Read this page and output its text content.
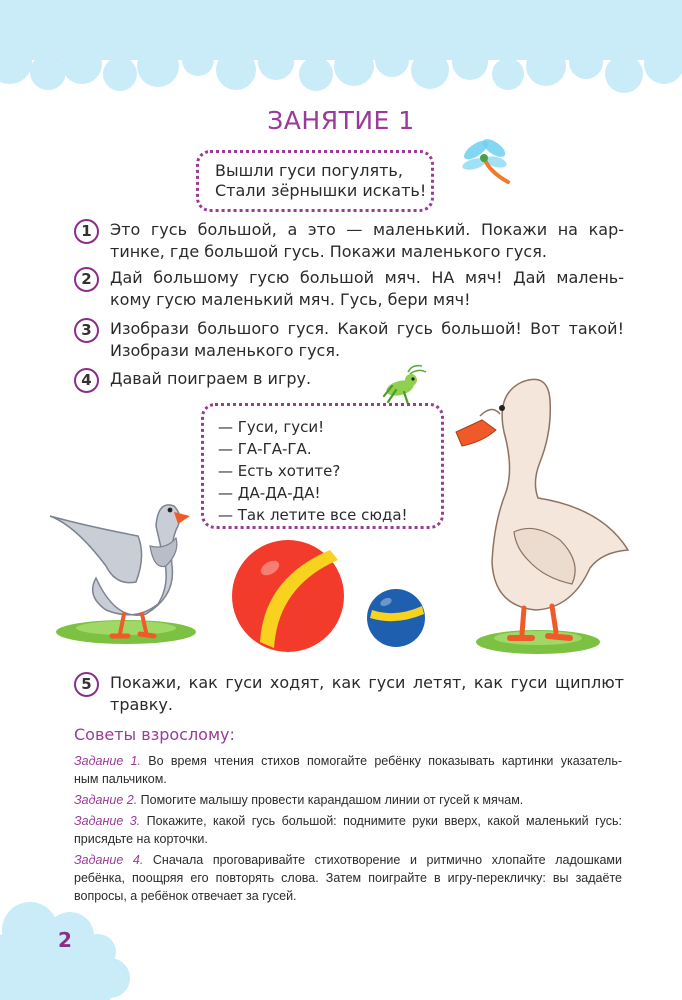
2
ЗАНЯТИЕ 1
Вышли гуси погулять,
Стали зёрнышки искать!
1	Это гусь большой, а это — маленький. Покажи на кар-
тинке, где большой гусь. Покажи маленького гуся.
2	Дай большому гусю большой мяч. НА мяч! Дай малень-
кому гусю маленький мяч. Гусь, бери мяч!
3	Изобрази большого гуся. Какой гусь большой! Вот такой!
Изобрази маленького гуся.
4	Давай поиграем в игру.
— Гуси, гуси!
— ГА-ГА-ГА.
— Есть хотите?
— ДА-ДА-ДА!
— Так летите все сюда!
5	Покажи, как гуси ходят, как гуси летят, как гуси щиплют
травку.
Советы взрослому:
Задание 1. Во время чтения стихов помогайте ребёнку показывать картинки указатель-
ным пальчиком.
Задание 2. Помогите малышу провести карандашом линии от гусей к мячам.
Задание 3. Покажите, какой гусь большой: поднимите руки вверх, какой маленький гусь:
присядьте на корточки.
Задание 4. Сначала проговаривайте стихотворение и ритмично хлопайте ладошками
ребёнка, поощряя его повторять слова. Затем поиграйте в игру-перекличку: вы задаёте
вопросы, а ребёнок отвечает за гусей.
